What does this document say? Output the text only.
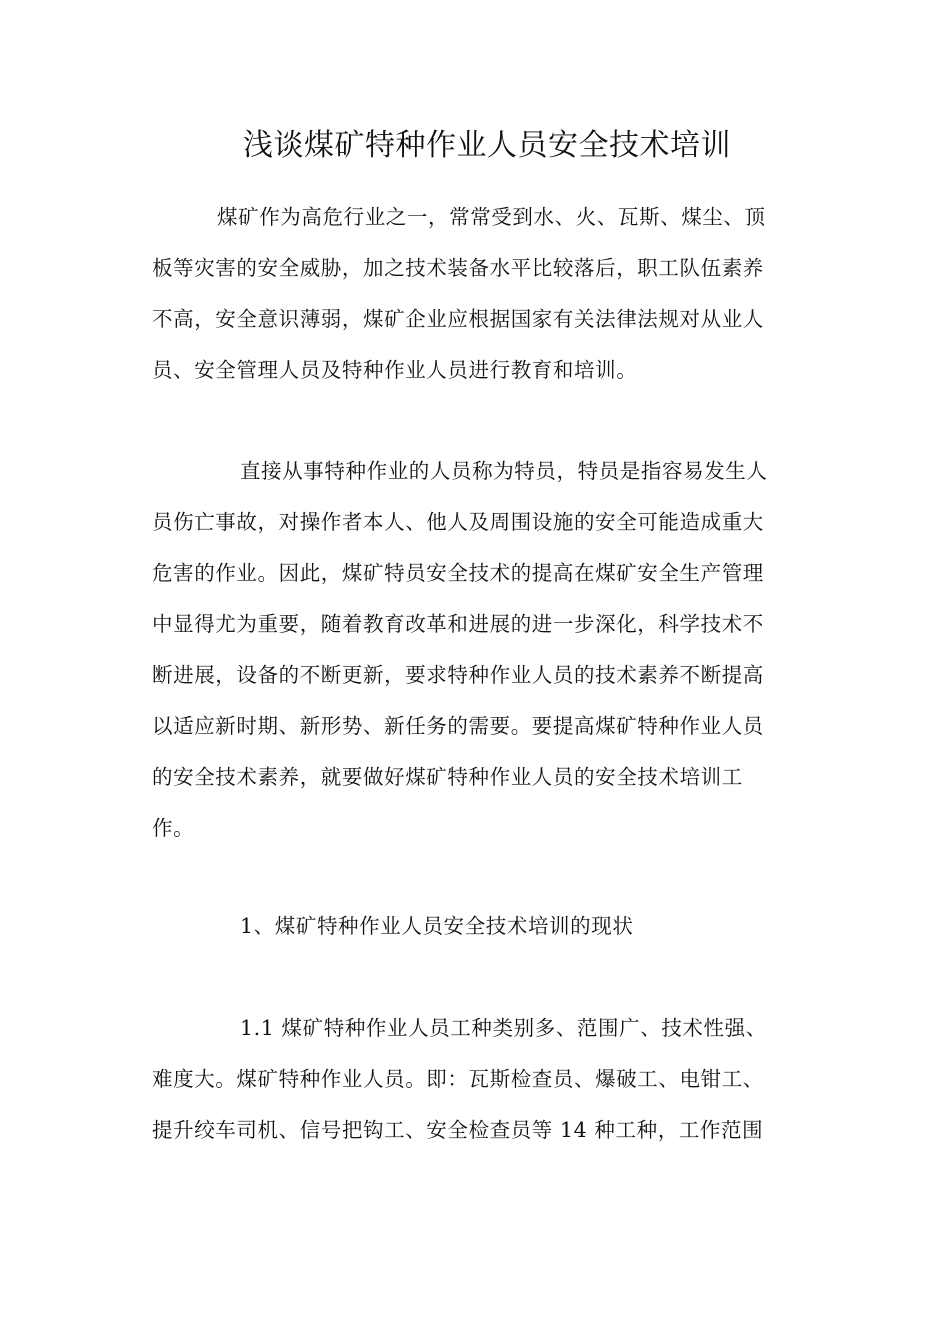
浅谈煤矿特种作业人员安全技术培训
煤矿作为高危行业之一，常常受到水、火、瓦斯、煤尘、顶
板等灾害的安全威胁，加之技术装备水平比较落后，职工队伍素养
不高，安全意识薄弱，煤矿企业应根据国家有关法律法规对从业人
员、安全管理人员及特种作业人员进行教育和培训。
直接从事特种作业的人员称为特员，特员是指容易发生人
员伤亡事故，对操作者本人、他人及周围设施的安全可能造成重大
危害的作业。因此，煤矿特员安全技术的提高在煤矿安全生产管理
中显得尤为重要，随着教育改革和进展的进一步深化，科学技术不
断进展，设备的不断更新，要求特种作业人员的技术素养不断提高
以适应新时期、新形势、新任务的需要。要提高煤矿特种作业人员
的安全技术素养，就要做好煤矿特种作业人员的安全技术培训工
作。
1、煤矿特种作业人员安全技术培训的现状
1.1 煤矿特种作业人员工种类别多、范围广、技术性强、
难度大。煤矿特种作业人员。即：瓦斯检查员、爆破工、电钳工、
提升绞车司机、信号把钩工、安全检查员等 14 种工种，工作范围
